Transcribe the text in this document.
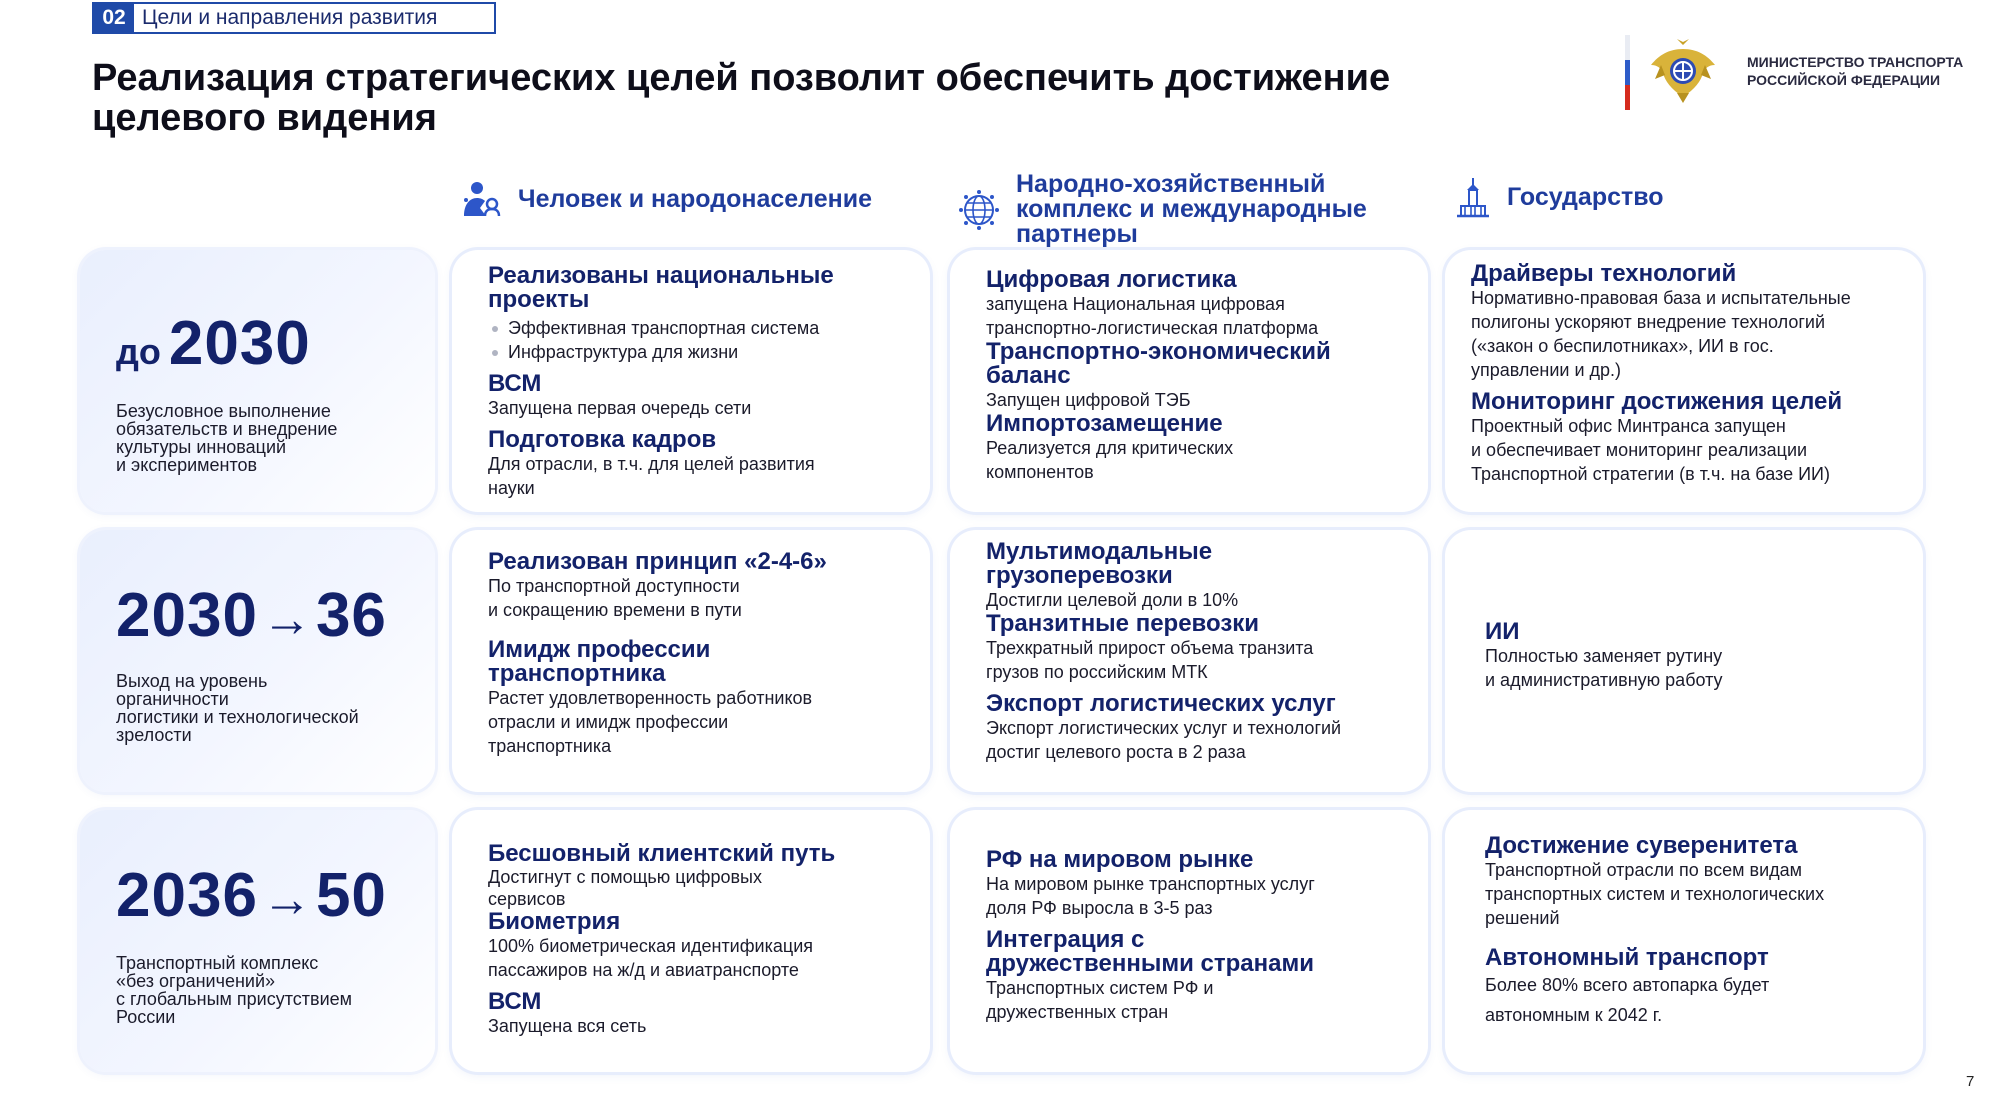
02 Цели и направления развития
Реализация стратегических целей позволит обеспечить достижение
целевого видения
МИНИСТЕРСТВО ТРАНСПОРТА
РОССИЙСКОЙ ФЕДЕРАЦИИ
Человек и народонаселение
Народно-хозяйственный
комплекс и международные
партнеры
Государство
до 2030
Безусловное выполнение
обязательств и внедрение
культуры инноваций
и экспериментов
2030 → 36
Выход на уровень
органичности
логистики и технологической
зрелости
2036 → 50
Транспортный комплекс
«без ограничений»
с глобальным присутствием
России
Реализованы национальные
проекты
Эффективная транспортная система
Инфраструктура для жизни
ВСМ
Запущена первая очередь сети
Подготовка кадров
Для отрасли, в т.ч. для целей развития
науки
Цифровая логистика
запущена Национальная цифровая
транспортно-логистическая платформа
Транспортно-экономический
баланс
Запущен цифровой ТЭБ
Импортозамещение
Реализуется для критических
компонентов
Драйверы технологий
Нормативно-правовая база и испытательные
полигоны ускоряют внедрение технологий
(«закон о беспилотниках», ИИ в гос.
управлении и др.)
Мониторинг достижения целей
Проектный офис Минтранса запущен
и обеспечивает мониторинг реализации
Транспортной стратегии (в т.ч. на базе ИИ)
Реализован принцип «2-4-6»
По транспортной доступности
и сокращению времени в пути
Имидж профессии
транспортника
Растет удовлетворенность работников
отрасли и имидж профессии
транспортника
Мультимодальные
грузоперевозки
Достигли целевой доли в 10%
Транзитные перевозки
Трехкратный прирост объема транзита
грузов по российским МТК
Экспорт логистических услуг
Экспорт логистических услуг и технологий
достиг целевого роста в 2 раза
ИИ
Полностью заменяет рутину
и административную работу
Бесшовный клиентский путь
Достигнут с помощью цифровых
сервисов
Биометрия
100% биометрическая идентификация
пассажиров на ж/д и авиатранспорте
ВСМ
Запущена вся сеть
РФ на мировом рынке
На мировом рынке транспортных услуг
доля РФ выросла в 3-5 раз
Интеграция с
дружественными странами
Транспортных систем РФ и
дружественных стран
Достижение суверенитета
Транспортной отрасли по всем видам
транспортных систем и технологических
решений
Автономный транспорт
Более 80% всего автопарка будет
автономным к 2042 г.
7
